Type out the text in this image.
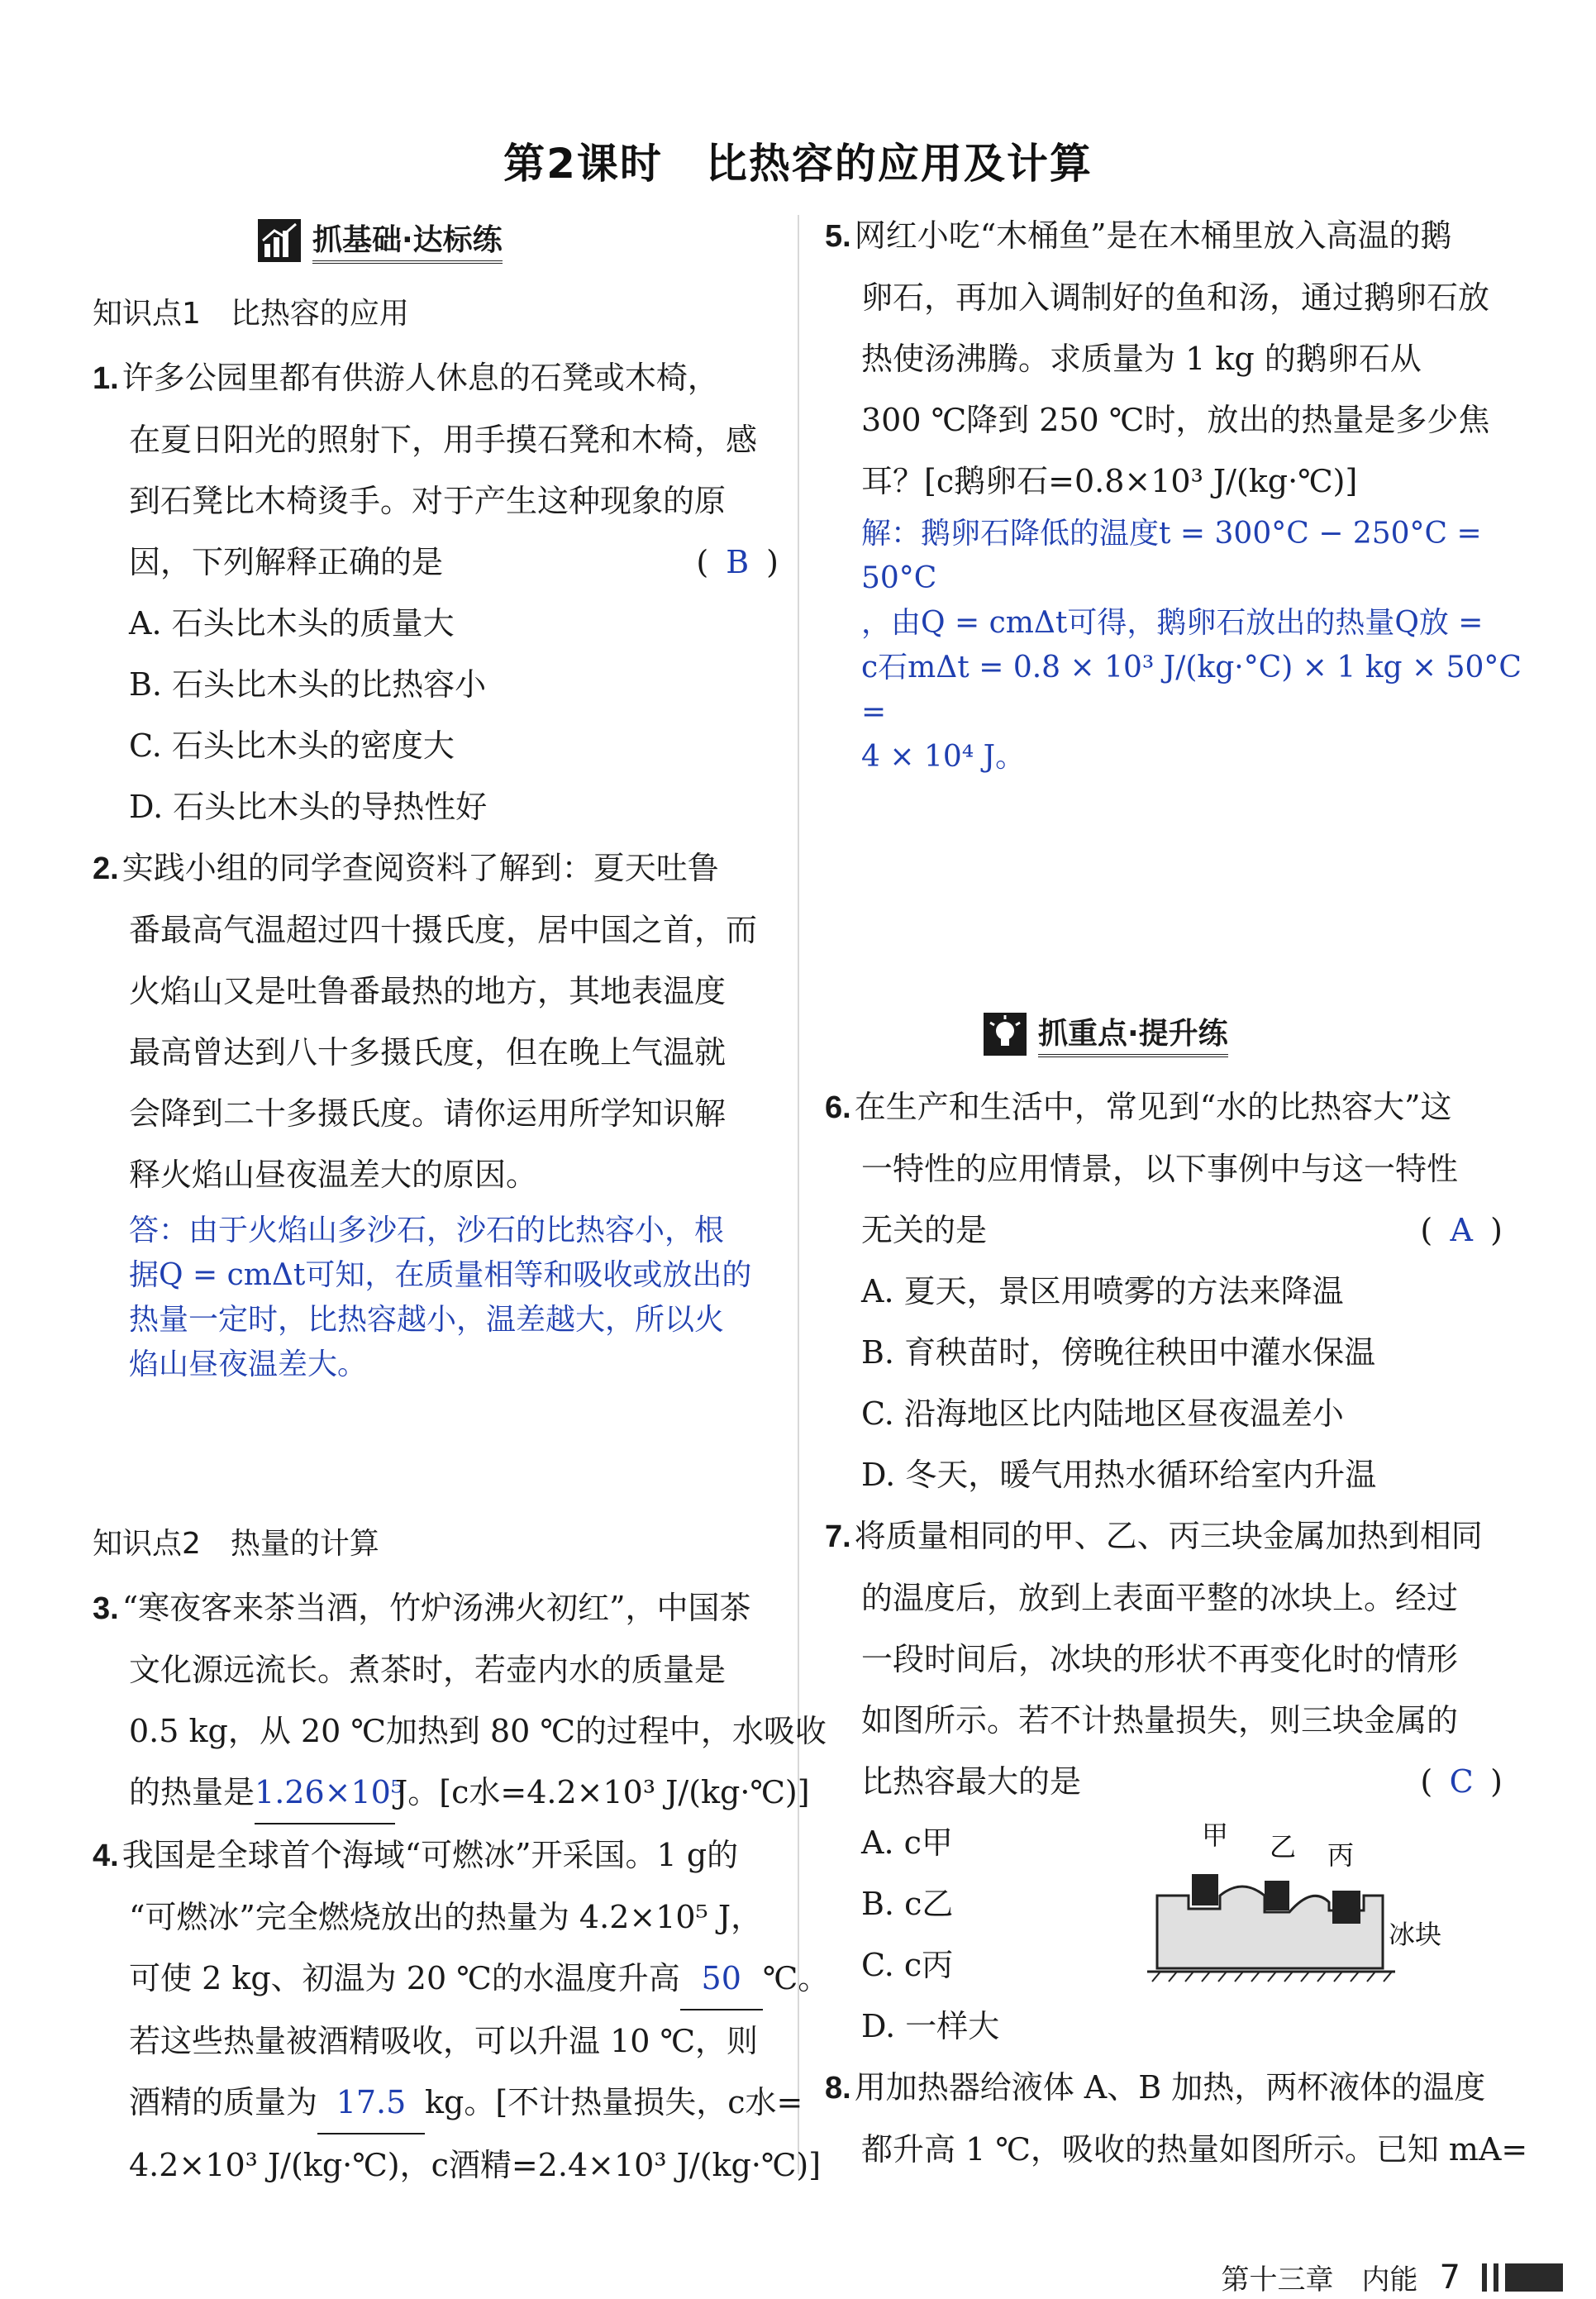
第2课时　比热容的应用及计算
抓基础·达标练

知识点1　比热容的应用

1. 许多公园里都有供游人休息的石凳或木椅，

在夏日阳光的照射下，用手摸石凳和木椅，感

到石凳比木椅烫手。对于产生这种现象的原

因，下列解释正确的是	( B )

A. 石头比木头的质量大

B. 石头比木头的比热容小

C. 石头比木头的密度大

D. 石头比木头的导热性好

2. 实践小组的同学查阅资料了解到：夏天吐鲁

番最高气温超过四十摄氏度，居中国之首，而

火焰山又是吐鲁番最热的地方，其地表温度

最高曾达到八十多摄氏度，但在晚上气温就

会降到二十多摄氏度。请你运用所学知识解

释火焰山昼夜温差大的原因。

答：由于火焰山多沙石，沙石的比热容小，根

据Q = cmΔt可知，在质量相等和吸收或放出的

热量一定时，比热容越小，温差越大，所以火

焰山昼夜温差大。

知识点2　热量的计算

3. “寒夜客来茶当酒，竹炉汤沸火初红”，中国茶

文化源远流长。煮茶时，若壶内水的质量是

0.5 kg，从 20 ℃加热到 80 ℃的过程中，水吸收

的热量是1.26×10⁵J。[c水=4.2×10³ J/(kg·℃)]

4. 我国是全球首个海域“可燃冰”开采国。1 g的

“可燃冰”完全燃烧放出的热量为 4.2×10⁵ J，

可使 2 kg、初温为 20 ℃的水温度升高 50 ℃。

若这些热量被酒精吸收，可以升温 10 ℃，则

酒精的质量为 17.5 kg。[不计热量损失，c水=

4.2×10³ J/(kg·℃)，c酒精=2.4×10³ J/(kg·℃)]

5. 网红小吃“木桶鱼”是在木桶里放入高温的鹅

卵石，再加入调制好的鱼和汤，通过鹅卵石放

热使汤沸腾。求质量为 1 kg 的鹅卵石从

300 ℃降到 250 ℃时，放出的热量是多少焦

耳？[c鹅卵石=0.8×10³ J/(kg·℃)]

解：鹅卵石降低的温度t = 300°C − 250°C = 50°C

，由Q = cmΔt可得，鹅卵石放出的热量Q放 =

c石mΔt = 0.8 × 10³ J/(kg·°C) × 1 kg × 50°C =

4 × 10⁴ J。

抓重点·提升练

6. 在生产和生活中，常见到“水的比热容大”这

一特性的应用情景，以下事例中与这一特性

无关的是	( A )

A. 夏天，景区用喷雾的方法来降温

B. 育秧苗时，傍晚往秧田中灌水保温

C. 沿海地区比内陆地区昼夜温差小

D. 冬天，暖气用热水循环给室内升温

7. 将质量相同的甲、乙、丙三块金属加热到相同

的温度后，放到上表面平整的冰块上。经过

一段时间后，冰块的形状不再变化时的情形

如图所示。若不计热量损失，则三块金属的

比热容最大的是	( C )

A. c甲

B. c乙

C. c丙

D. 一样大

甲 乙 丙
冰块

8. 用加热器给液体 A、B 加热，两杯液体的温度

都升高 1 ℃，吸收的热量如图所示。已知 mA=

第十三章　内能 7
